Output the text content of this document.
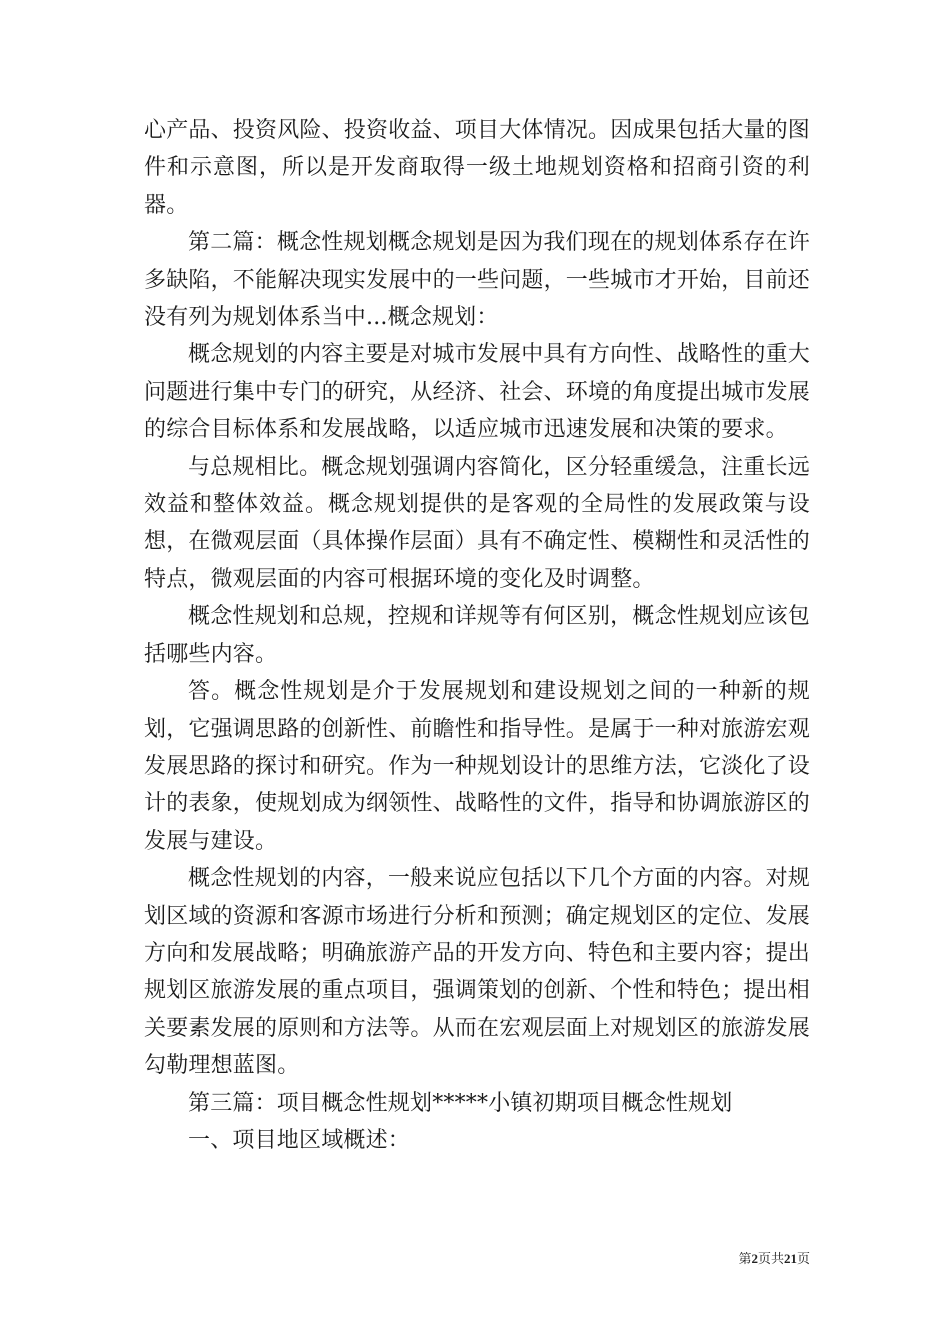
心产品、投资风险、投资收益、项目大体情况。因成果包括大量的图件和示意图，所以是开发商取得一级土地规划资格和招商引资的利器。

第二篇：概念性规划概念规划是因为我们现在的规划体系存在许多缺陷，不能解决现实发展中的一些问题，一些城市才开始，目前还没有列为规划体系当中...概念规划：

概念规划的内容主要是对城市发展中具有方向性、战略性的重大问题进行集中专门的研究，从经济、社会、环境的角度提出城市发展的综合目标体系和发展战略，以适应城市迅速发展和决策的要求。

与总规相比。概念规划强调内容简化，区分轻重缓急，注重长远效益和整体效益。概念规划提供的是客观的全局性的发展政策与设想，在微观层面（具体操作层面）具有不确定性、模糊性和灵活性的特点，微观层面的内容可根据环境的变化及时调整。

概念性规划和总规，控规和详规等有何区别，概念性规划应该包括哪些内容。

答。概念性规划是介于发展规划和建设规划之间的一种新的规划，它强调思路的创新性、前瞻性和指导性。是属于一种对旅游宏观发展思路的探讨和研究。作为一种规划设计的思维方法，它淡化了设计的表象，使规划成为纲领性、战略性的文件，指导和协调旅游区的发展与建设。

概念性规划的内容，一般来说应包括以下几个方面的内容。对规划区域的资源和客源市场进行分析和预测；确定规划区的定位、发展方向和发展战略；明确旅游产品的开发方向、特色和主要内容；提出规划区旅游发展的重点项目，强调策划的创新、个性和特色；提出相关要素发展的原则和方法等。从而在宏观层面上对规划区的旅游发展勾勒理想蓝图。

第三篇：项目概念性规划*****小镇初期项目概念性规划

一、项目地区域概述：

第2页共21页
